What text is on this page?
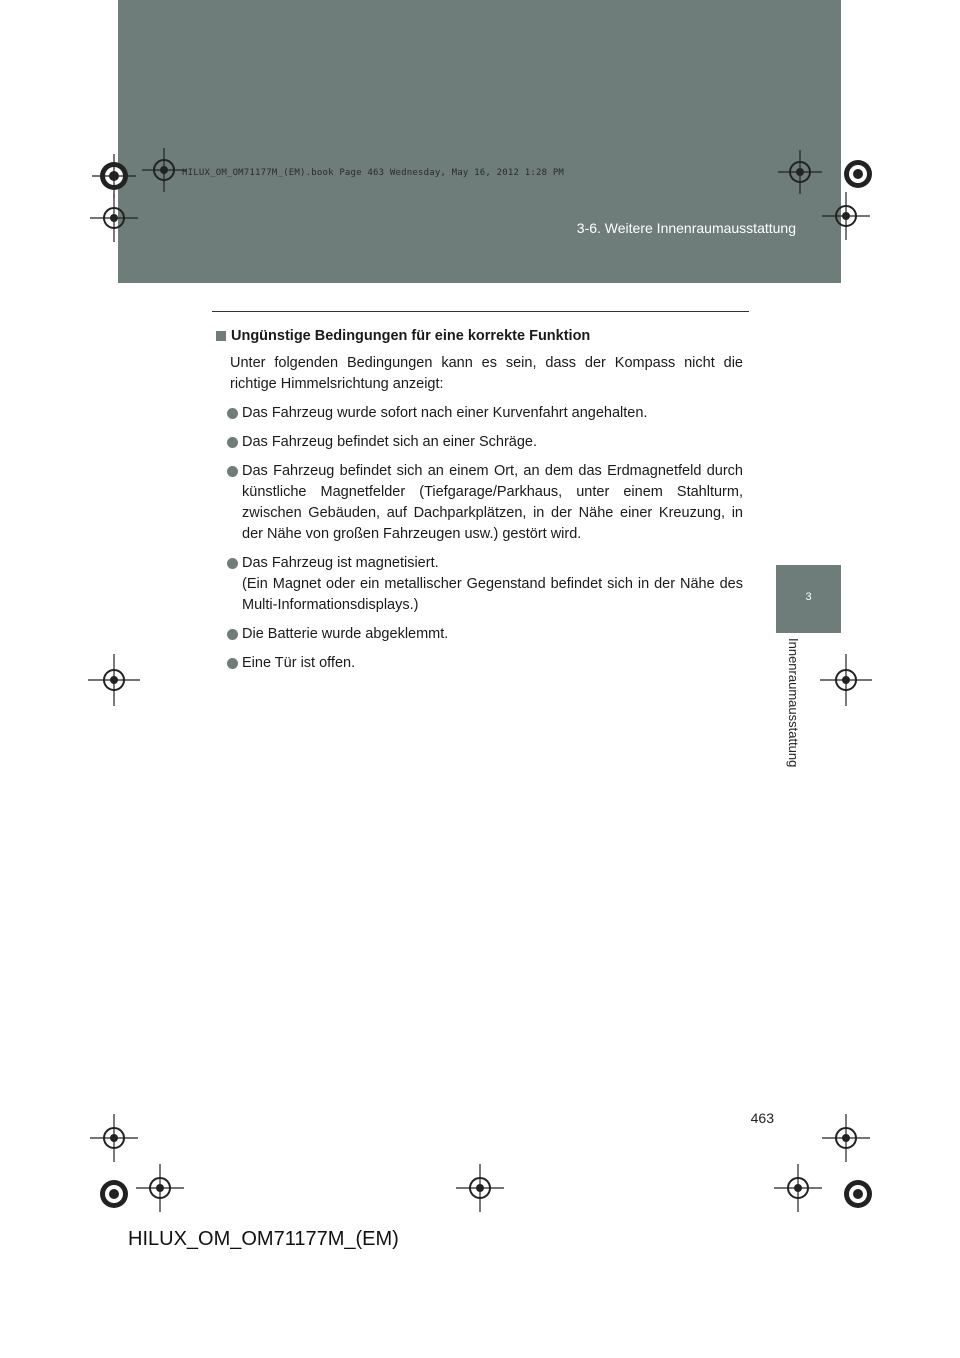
HILUX_OM_OM71177M_(EM).book Page 463 Wednesday, May 16, 2012 1:28 PM
3-6. Weitere Innenraumausstattung
3
Innenraumausstattung
Ungünstige Bedingungen für eine korrekte Funktion
Unter folgenden Bedingungen kann es sein, dass der Kompass nicht die richtige Himmelsrichtung anzeigt:
Das Fahrzeug wurde sofort nach einer Kurvenfahrt angehalten.
Das Fahrzeug befindet sich an einer Schräge.
Das Fahrzeug befindet sich an einem Ort, an dem das Erdmagnetfeld durch künstliche Magnetfelder (Tiefgarage/Parkhaus, unter einem Stahlturm, zwischen Gebäuden, auf Dachparkplätzen, in der Nähe einer Kreuzung, in der Nähe von großen Fahrzeugen usw.) gestört wird.
Das Fahrzeug ist magnetisiert.
(Ein Magnet oder ein metallischer Gegenstand befindet sich in der Nähe des Multi-Informationsdisplays.)
Die Batterie wurde abgeklemmt.
Eine Tür ist offen.
463
HILUX_OM_OM71177M_(EM)
